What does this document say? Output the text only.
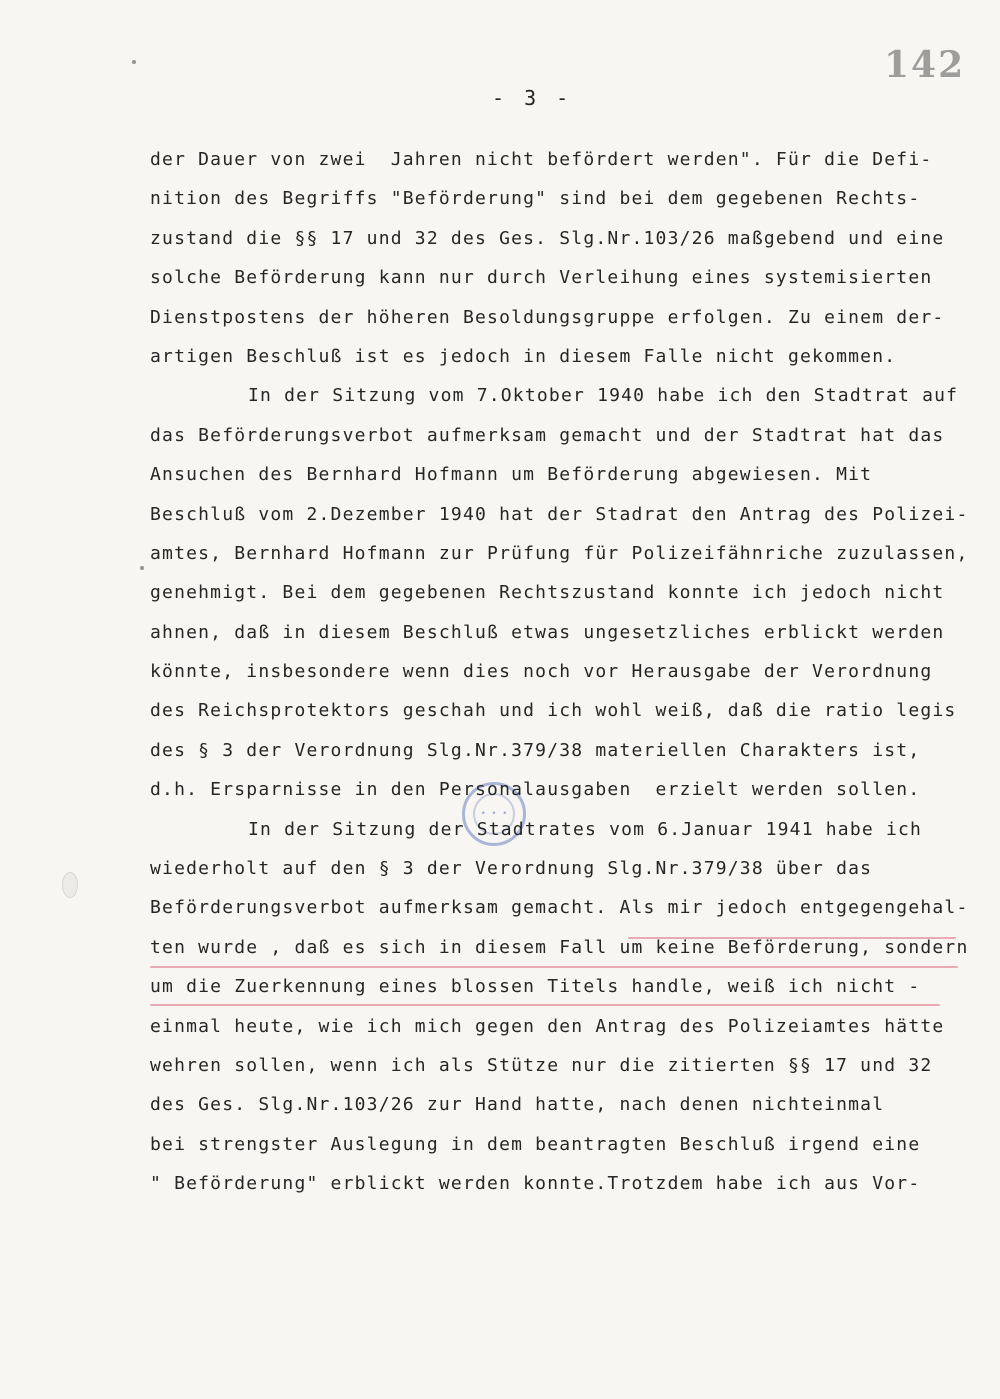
142
- 3 -
• • •
der Dauer von zwei  Jahren nicht befördert werden". Für die Defi-
nition des Begriffs "Beförderung" sind bei dem gegebenen Rechts-
zustand die §§ 17 und 32 des Ges. Slg.Nr.103/26 maßgebend und eine
solche Beförderung kann nur durch Verleihung eines systemisierten
Dienstpostens der höheren Besoldungsgruppe erfolgen. Zu einem der-
artigen Beschluß ist es jedoch in diesem Falle nicht gekommen.
In der Sitzung vom 7.Oktober 1940 habe ich den Stadtrat auf
das Beförderungsverbot aufmerksam gemacht und der Stadtrat hat das
Ansuchen des Bernhard Hofmann um Beförderung abgewiesen. Mit
Beschluß vom 2.Dezember 1940 hat der Stadrat den Antrag des Polizei-
amtes, Bernhard Hofmann zur Prüfung für Polizeifähnriche zuzulassen,
genehmigt. Bei dem gegebenen Rechtszustand konnte ich jedoch nicht
ahnen, daß in diesem Beschluß etwas ungesetzliches erblickt werden
könnte, insbesondere wenn dies noch vor Herausgabe der Verordnung
des Reichsprotektors geschah und ich wohl weiß, daß die ratio legis
des § 3 der Verordnung Slg.Nr.379/38 materiellen Charakters ist,
d.h. Ersparnisse in den Personalausgaben  erzielt werden sollen.
In der Sitzung der Stadtrates vom 6.Januar 1941 habe ich
wiederholt auf den § 3 der Verordnung Slg.Nr.379/38 über das
Beförderungsverbot aufmerksam gemacht. Als mir jedoch entgegengehal-
ten wurde , daß es sich in diesem Fall um keine Beförderung, sondern
um die Zuerkennung eines blossen Titels handle, weiß ich nicht -
einmal heute, wie ich mich gegen den Antrag des Polizeiamtes hätte
wehren sollen, wenn ich als Stütze nur die zitierten §§ 17 und 32
des Ges. Slg.Nr.103/26 zur Hand hatte, nach denen nichteinmal
bei strengster Auslegung in dem beantragten Beschluß irgend eine
" Beförderung" erblickt werden konnte.Trotzdem habe ich aus Vor-
